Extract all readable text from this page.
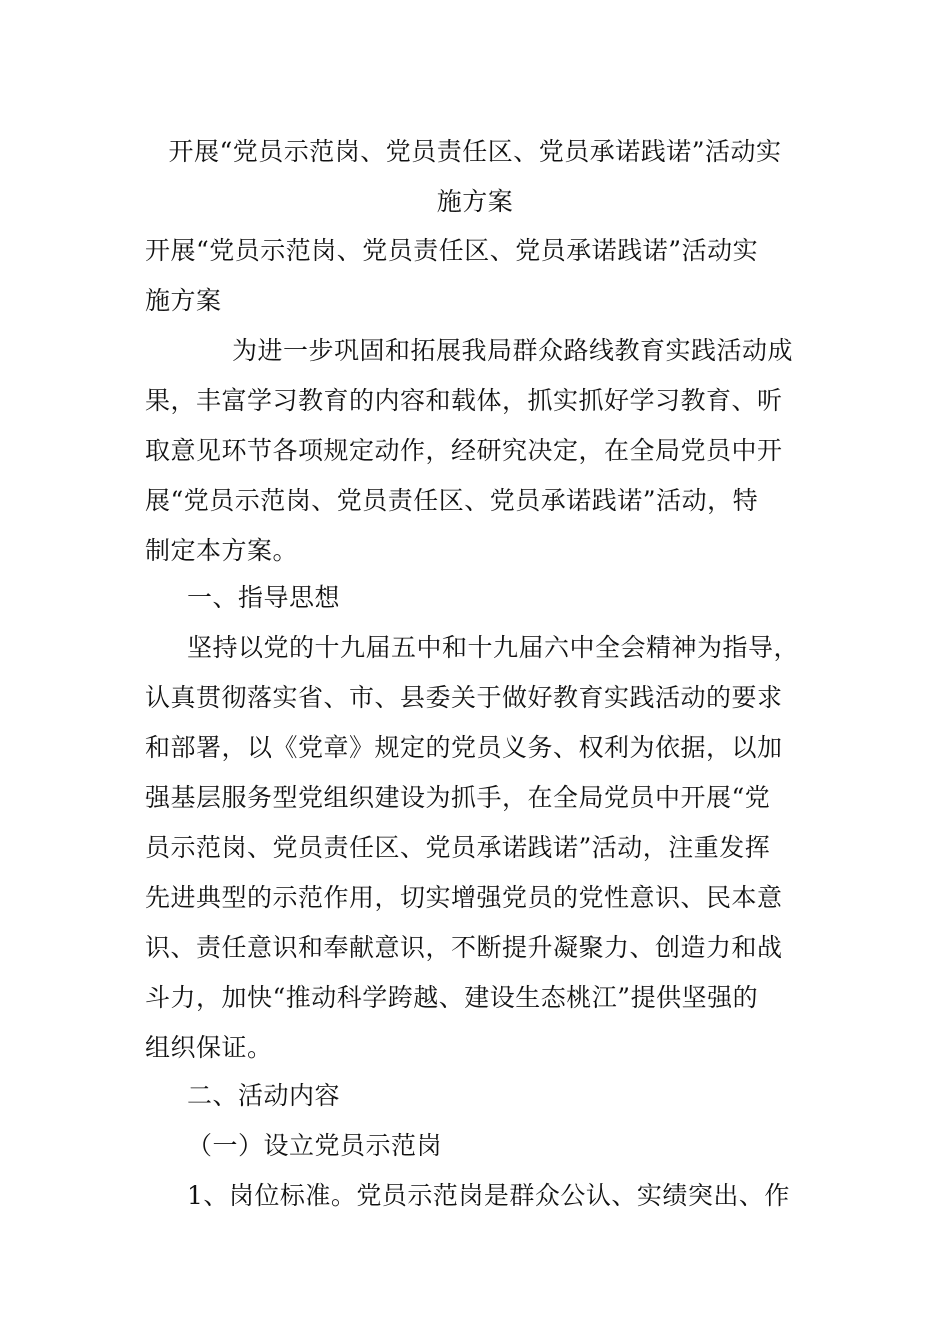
开展“党员示范岗、党员责任区、党员承诺践诺”活动实
施方案
开展“党员示范岗、党员责任区、党员承诺践诺”活动实
施方案
为进一步巩固和拓展我局群众路线教育实践活动成
果，丰富学习教育的内容和载体，抓实抓好学习教育、听
取意见环节各项规定动作，经研究决定，在全局党员中开
展“党员示范岗、党员责任区、党员承诺践诺”活动，特
制定本方案。
一、指导思想
坚持以党的十九届五中和十九届六中全会精神为指导，
认真贯彻落实省、市、县委关于做好教育实践活动的要求
和部署，以《党章》规定的党员义务、权利为依据，以加
强基层服务型党组织建设为抓手，在全局党员中开展“党
员示范岗、党员责任区、党员承诺践诺”活动，注重发挥
先进典型的示范作用，切实增强党员的党性意识、民本意
识、责任意识和奉献意识，不断提升凝聚力、创造力和战
斗力，加快“推动科学跨越、建设生态桃江”提供坚强的
组织保证。
二、活动内容
（一）设立党员示范岗
1、岗位标准。党员示范岗是群众公认、实绩突出、作
